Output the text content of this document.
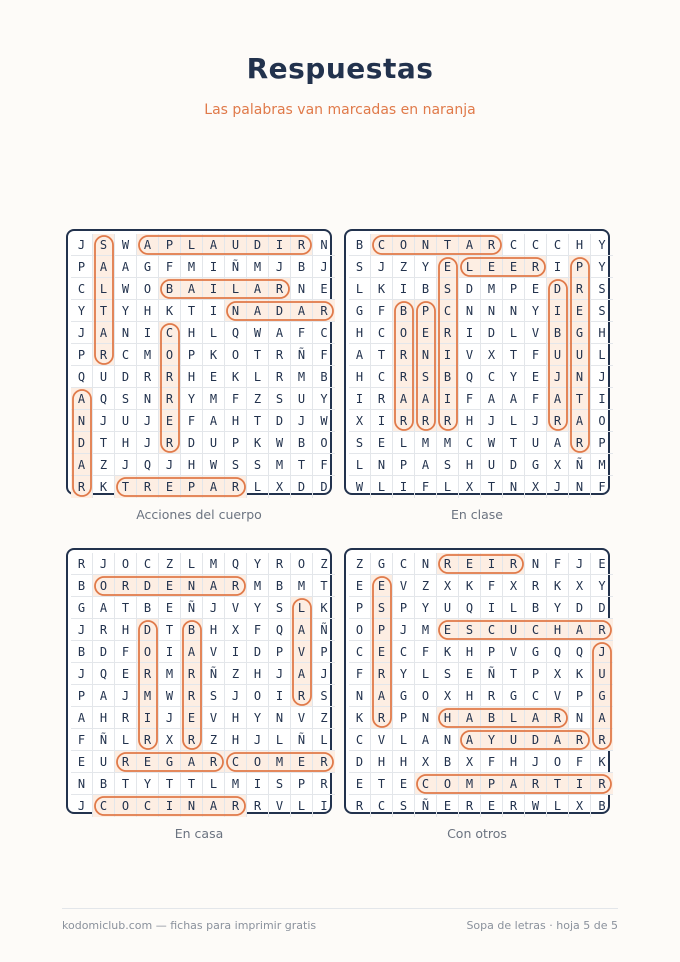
Respuestas
Las palabras van marcadas en naranja
J	S	W	A	P	L	A	U	D	I	R	N
P	A	A	G	F	M	I	Ñ	M	J	B	J
C	L	W	O	B	A	I	L	A	R	N	E
Y	T	Y	H	K	T	I	N	A	D	A	R
J	A	N	I	C	H	L	Q	W	A	F	C
P	R	C	M	O	P	K	O	T	R	Ñ	F
Q	U	D	R	R	H	E	K	L	R	M	B
A	Q	S	N	R	Y	M	F	Z	S	U	Y
N	J	U	J	E	F	A	H	T	D	J	W
D	T	H	J	R	D	U	P	K	W	B	O
A	Z	J	Q	J	H	W	S	S	M	T	F
R	K	T	R	E	P	A	R	L	X	D	D
Acciones del cuerpo
B	C	O	N	T	A	R	C	C	C	H	Y
S	J	Z	Y	E	L	E	E	R	I	P	Y
L	K	I	B	S	D	M	P	E	D	R	S
G	F	B	P	C	N	N	N	Y	I	E	S
H	C	O	E	R	I	D	L	V	B	G	H
A	T	R	N	I	V	X	T	F	U	U	L
H	C	R	S	B	Q	C	Y	E	J	N	J
I	R	A	A	I	F	A	A	F	A	T	I
X	I	R	R	R	H	J	L	J	R	A	O
S	E	L	M	M	C	W	T	U	A	R	P
L	N	P	A	S	H	U	D	G	X	Ñ	M
W	L	I	F	L	X	T	N	X	J	N	F
En clase
R	J	O	C	Z	L	M	Q	Y	R	O	Z
B	O	R	D	E	N	A	R	M	B	M	T
G	A	T	B	E	Ñ	J	V	Y	S	L	K
J	R	H	D	T	B	H	X	F	Q	A	Ñ
B	D	F	O	I	A	V	I	D	P	V	P
J	Q	E	R	M	R	Ñ	Z	H	J	A	J
P	A	J	M	W	R	S	J	O	I	R	S
A	H	R	I	J	E	V	H	Y	N	V	Z
F	Ñ	L	R	X	R	Z	H	J	L	Ñ	L
E	U	R	E	G	A	R	C	O	M	E	R
N	B	T	Y	T	T	L	M	I	S	P	R
J	C	O	C	I	N	A	R	R	V	L	I
En casa
Z	G	C	N	R	E	I	R	N	F	J	E
E	E	V	Z	X	K	F	X	R	K	X	Y
P	S	P	Y	U	Q	I	L	B	Y	D	D
O	P	J	M	E	S	C	U	C	H	A	R
C	E	C	F	K	H	P	V	G	Q	Q	J
F	R	Y	L	S	E	Ñ	T	P	X	K	U
N	A	G	O	X	H	R	G	C	V	P	G
K	R	P	N	H	A	B	L	A	R	N	A
C	V	L	A	N	A	Y	U	D	A	R	R
D	H	H	X	B	X	F	H	J	O	F	K
E	T	E	C	O	M	P	A	R	T	I	R
R	C	S	Ñ	E	R	E	R	W	L	X	B
Con otros
kodomiclub.com — fichas para imprimir gratis	Sopa de letras · hoja 5 de 5
